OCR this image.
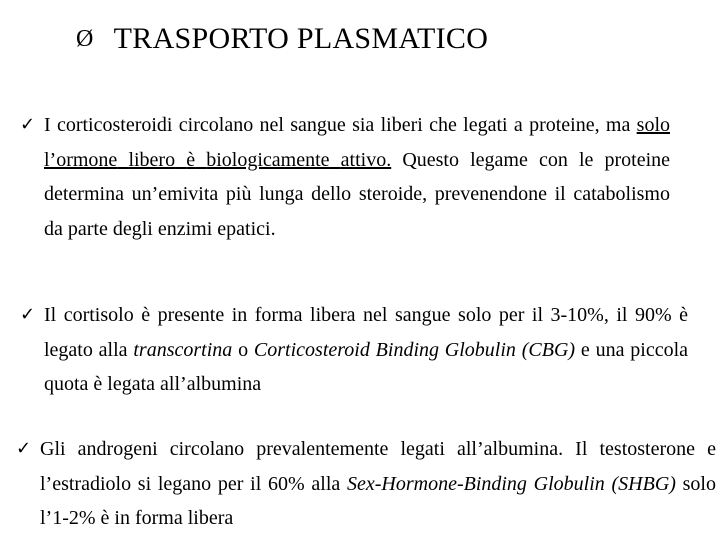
Ø TRASPORTO PLASMATICO
✓ I corticosteroidi circolano nel sangue sia liberi che legati a proteine, ma solo l’ormone libero è biologicamente attivo. Questo legame con le proteine determina un’emivita più lunga dello steroide, prevenendone il catabolismo da parte degli enzimi epatici.
✓ Il cortisolo è presente in forma libera nel sangue solo per il 3-10%, il 90% è legato alla transcortina o Corticosteroid Binding Globulin (CBG) e una piccola quota è legata all’albumina
✓ Gli androgeni circolano prevalentemente legati all’albumina. Il testosterone e l’estradiolo si legano per il 60% alla Sex-Hormone-Binding Globulin (SHBG) solo l’1-2% è in forma libera
